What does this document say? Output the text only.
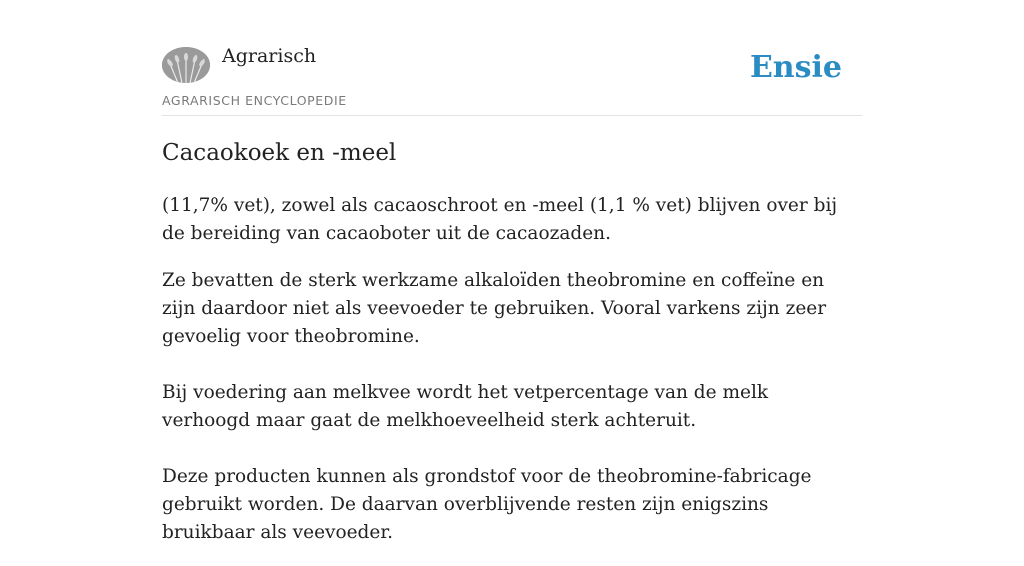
Agrarisch
AGRARISCH ENCYCLOPEDIE
Ensie
Cacaokoek en -meel

(11,7% vet), zowel als cacaoschroot en -meel (1,1 % vet) blijven over bij de bereiding van cacaoboter uit de cacaozaden.

Ze bevatten de sterk werkzame alkaloïden theobromine en coffeïne en zijn daardoor niet als veevoeder te gebruiken. Vooral varkens zijn zeer gevoelig voor theobromine.

Bij voedering aan melkvee wordt het vetpercentage van de melk verhoogd maar gaat de melkhoeveelheid sterk achteruit.

Deze producten kunnen als grondstof voor de theobromine-fabricage gebruikt worden. De daarvan overblijvende resten zijn enigszins bruikbaar als veevoeder.
